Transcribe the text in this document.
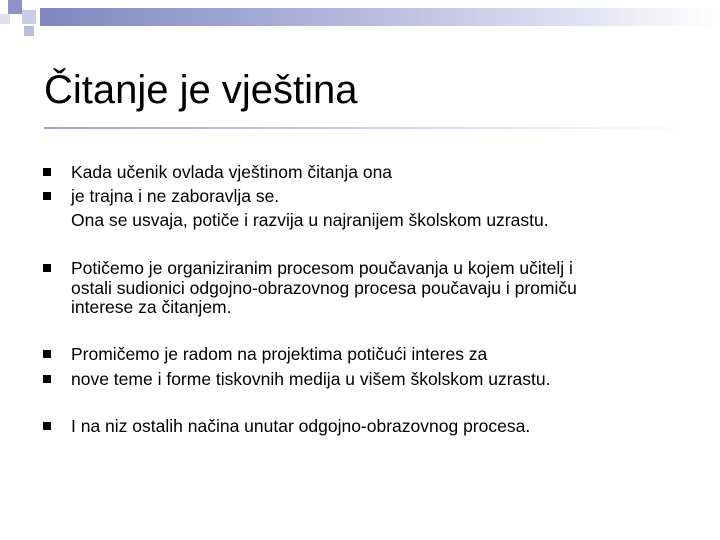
Čitanje je vještina
Kada učenik ovlada vještinom čitanja ona
je trajna i ne zaboravlja se.
Ona se usvaja, potiče i razvija u najranijem školskom uzrastu.
Potičemo je organiziranim procesom poučavanja u kojem učitelj i
ostali sudionici odgojno-obrazovnog procesa poučavaju i promiču
interese za čitanjem.
Promičemo je radom na projektima potičući interes za
nove teme i forme tiskovnih medija u višem školskom uzrastu.
I na niz ostalih načina unutar odgojno-obrazovnog procesa.
